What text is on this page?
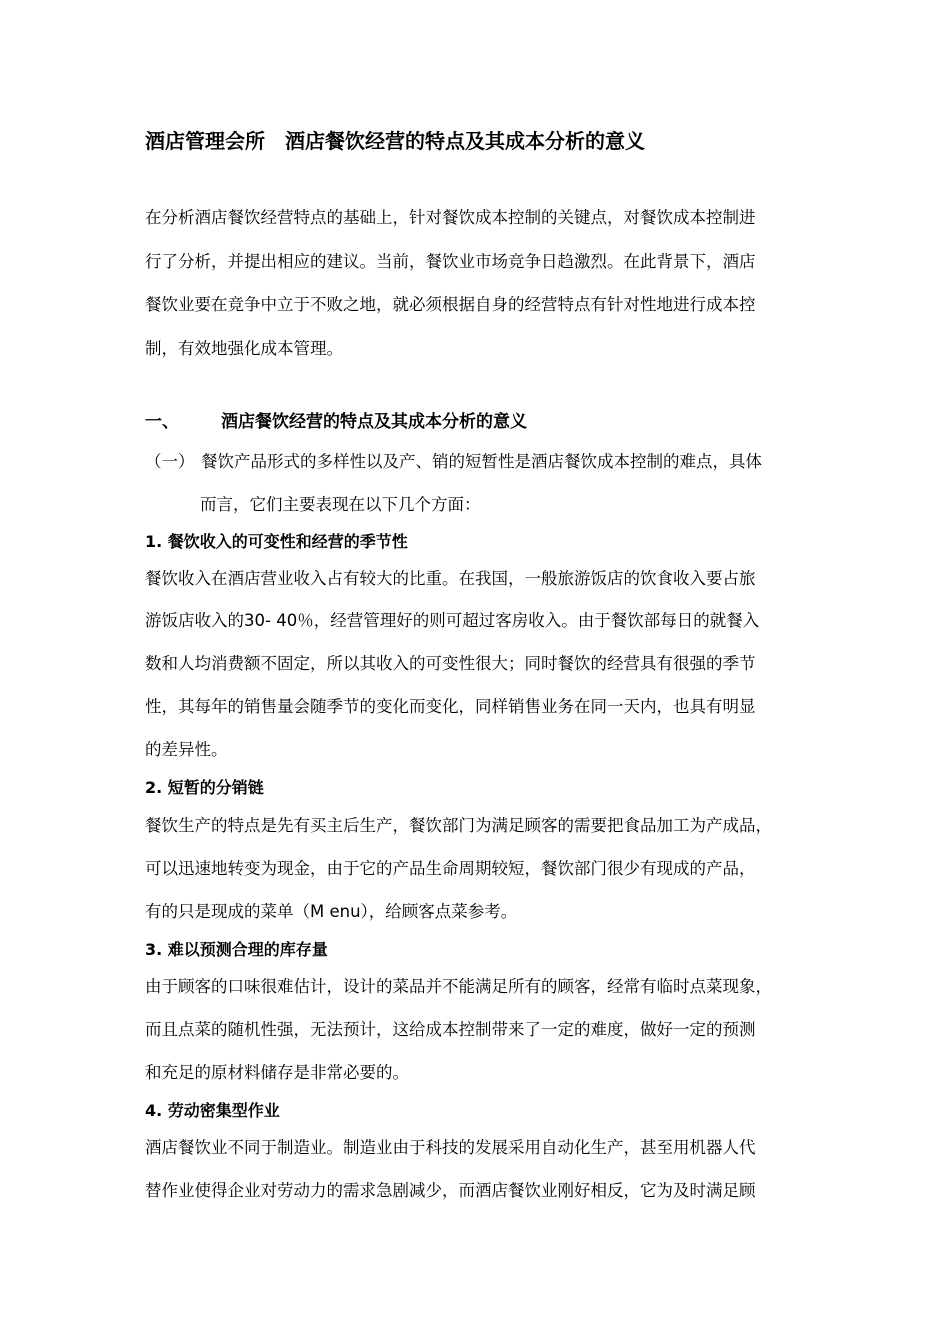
酒店管理会所　酒店餐饮经营的特点及其成本分析的意义
在分析酒店餐饮经营特点的基础上，针对餐饮成本控制的关键点，对餐饮成本控制进
行了分析，并提出相应的建议。当前，餐饮业市场竞争日趋激烈。在此背景下，酒店
餐饮业要在竞争中立于不败之地，就必须根据自身的经营特点有针对性地进行成本控
制，有效地强化成本管理。
一、 酒店餐饮经营的特点及其成本分析的意义
（一） 餐饮产品形式的多样性以及产、销的短暂性是酒店餐饮成本控制的难点，具体
而言，它们主要表现在以下几个方面：
1. 餐饮收入的可变性和经营的季节性
餐饮收入在酒店营业收入占有较大的比重。在我国，一般旅游饭店的饮食收入要占旅
游饭店收入的30- 40％，经营管理好的则可超过客房收入。由于餐饮部每日的就餐入
数和人均消费额不固定，所以其收入的可变性很大；同时餐饮的经营具有很强的季节
性，其每年的销售量会随季节的变化而变化，同样销售业务在同一天内，也具有明显
的差异性。
2. 短暂的分销链
餐饮生产的特点是先有买主后生产，餐饮部门为满足顾客的需要把食品加工为产成品，
可以迅速地转变为现金，由于它的产品生命周期较短，餐饮部门很少有现成的产品，
有的只是现成的菜单（M enu），给顾客点菜参考。
3. 难以预测合理的库存量
由于顾客的口味很难估计，设计的菜品并不能满足所有的顾客，经常有临时点菜现象，
而且点菜的随机性强，无法预计，这给成本控制带来了一定的难度，做好一定的预测
和充足的原材料储存是非常必要的。
4. 劳动密集型作业
酒店餐饮业不同于制造业。制造业由于科技的发展采用自动化生产，甚至用机器人代
替作业使得企业对劳动力的需求急剧减少，而酒店餐饮业刚好相反，它为及时满足顾
